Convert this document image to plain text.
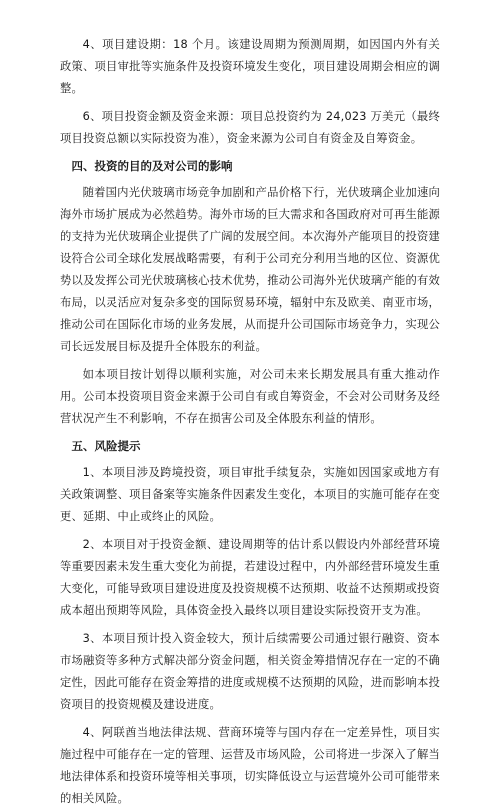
4、项目建设期：18 个月。该建设周期为预测周期，如因国内外有关政策、项目审批等实施条件及投资环境发生变化，项目建设周期会相应的调整。

6、项目投资金额及资金来源：项目总投资约为 24,023 万美元（最终项目投资总额以实际投资为准），资金来源为公司自有资金及自筹资金。

四、投资的目的及对公司的影响

随着国内光伏玻璃市场竞争加剧和产品价格下行，光伏玻璃企业加速向海外市场扩展成为必然趋势。海外市场的巨大需求和各国政府对可再生能源的支持为光伏玻璃企业提供了广阔的发展空间。本次海外产能项目的投资建设符合公司全球化发展战略需要，有利于公司充分利用当地的区位、资源优势以及发挥公司光伏玻璃核心技术优势，推动公司海外光伏玻璃产能的有效布局，以灵活应对复杂多变的国际贸易环境，辐射中东及欧美、南亚市场，推动公司在国际化市场的业务发展，从而提升公司国际市场竞争力，实现公司长远发展目标及提升全体股东的利益。

如本项目按计划得以顺利实施，对公司未来长期发展具有重大推动作用。公司本投资项目资金来源于公司自有或自筹资金，不会对公司财务及经营状况产生不利影响，不存在损害公司及全体股东利益的情形。

五、风险提示

1、本项目涉及跨境投资，项目审批手续复杂，实施如因国家或地方有关政策调整、项目备案等实施条件因素发生变化，本项目的实施可能存在变更、延期、中止或终止的风险。

2、本项目对于投资金额、建设周期等的估计系以假设内外部经营环境等重要因素未发生重大变化为前提，若建设过程中，内外部经营环境发生重大变化，可能导致项目建设进度及投资规模不达预期、收益不达预期或投资成本超出预期等风险，具体资金投入最终以项目建设实际投资开支为准。

3、本项目预计投入资金较大，预计后续需要公司通过银行融资、资本市场融资等多种方式解决部分资金问题，相关资金筹措情况存在一定的不确定性，因此可能存在资金筹措的进度或规模不达预期的风险，进而影响本投资项目的投资规模及建设进度。

4、阿联酋当地法律法规、营商环境等与国内存在一定差异性，项目实施过程中可能存在一定的管理、运营及市场风险，公司将进一步深入了解当地法律体系和投资环境等相关事项，切实降低设立与运营境外公司可能带来的相关风险。
